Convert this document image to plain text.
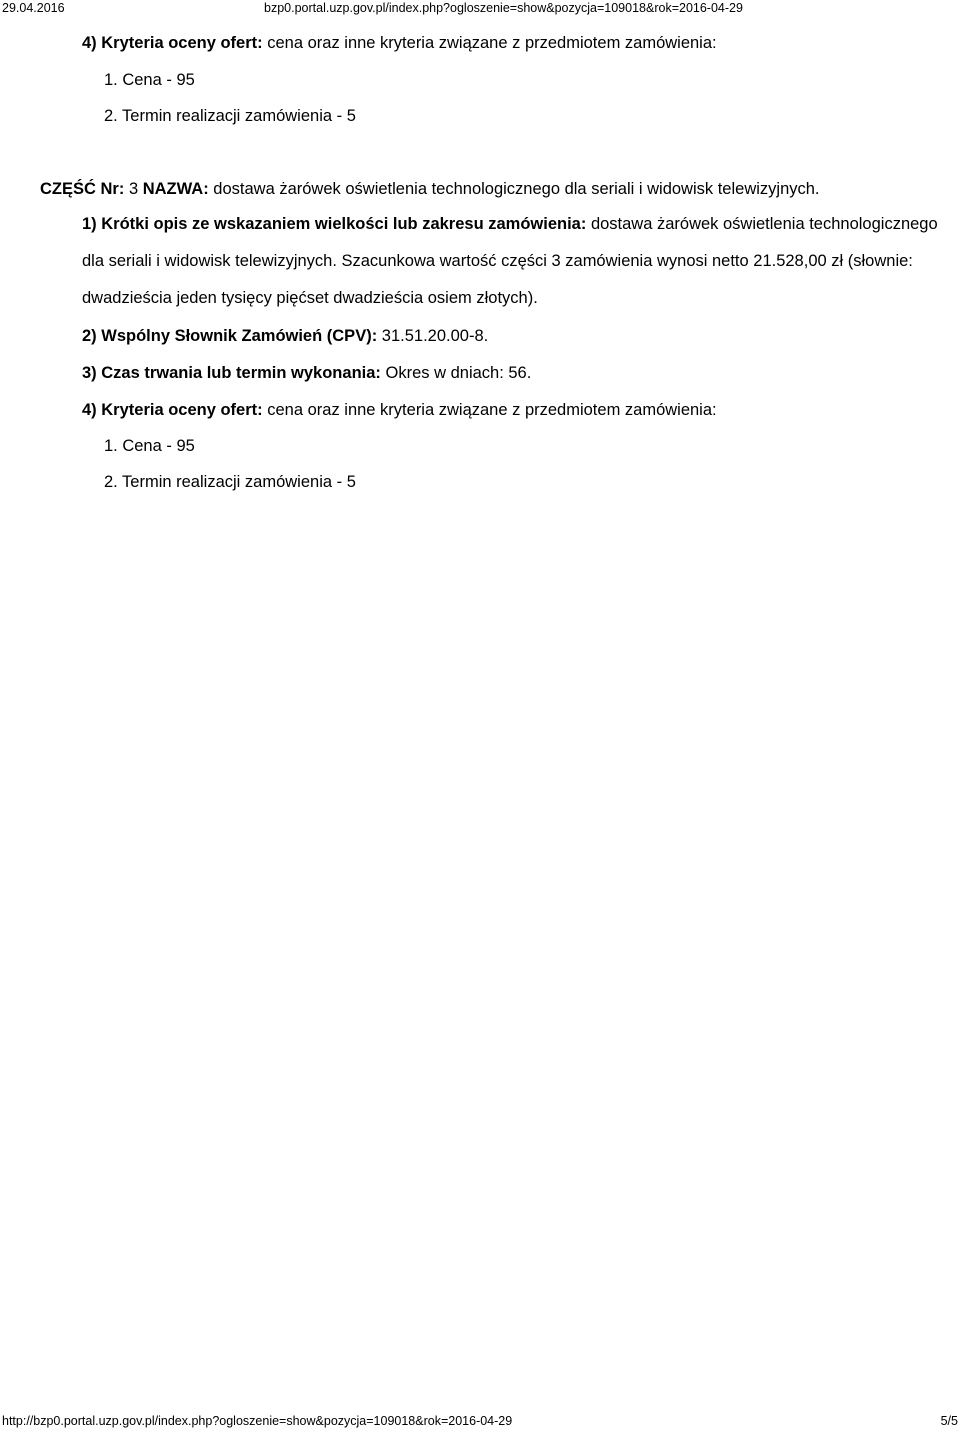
29.04.2016	bzp0.portal.uzp.gov.pl/index.php?ogloszenie=show&pozycja=109018&rok=2016-04-29
4) Kryteria oceny ofert: cena oraz inne kryteria związane z przedmiotem zamówienia:
1. Cena - 95
2. Termin realizacji zamówienia - 5
CZĘŚĆ Nr: 3 NAZWA: dostawa żarówek oświetlenia technologicznego dla seriali i widowisk telewizyjnych.
1) Krótki opis ze wskazaniem wielkości lub zakresu zamówienia: dostawa żarówek oświetlenia technologicznego dla seriali i widowisk telewizyjnych. Szacunkowa wartość części 3 zamówienia wynosi netto 21.528,00 zł (słownie: dwadzieścia jeden tysięcy pięćset dwadzieścia osiem złotych).
2) Wspólny Słownik Zamówień (CPV): 31.51.20.00-8.
3) Czas trwania lub termin wykonania: Okres w dniach: 56.
4) Kryteria oceny ofert: cena oraz inne kryteria związane z przedmiotem zamówienia:
1. Cena - 95
2. Termin realizacji zamówienia - 5
http://bzp0.portal.uzp.gov.pl/index.php?ogloszenie=show&pozycja=109018&rok=2016-04-29	5/5
